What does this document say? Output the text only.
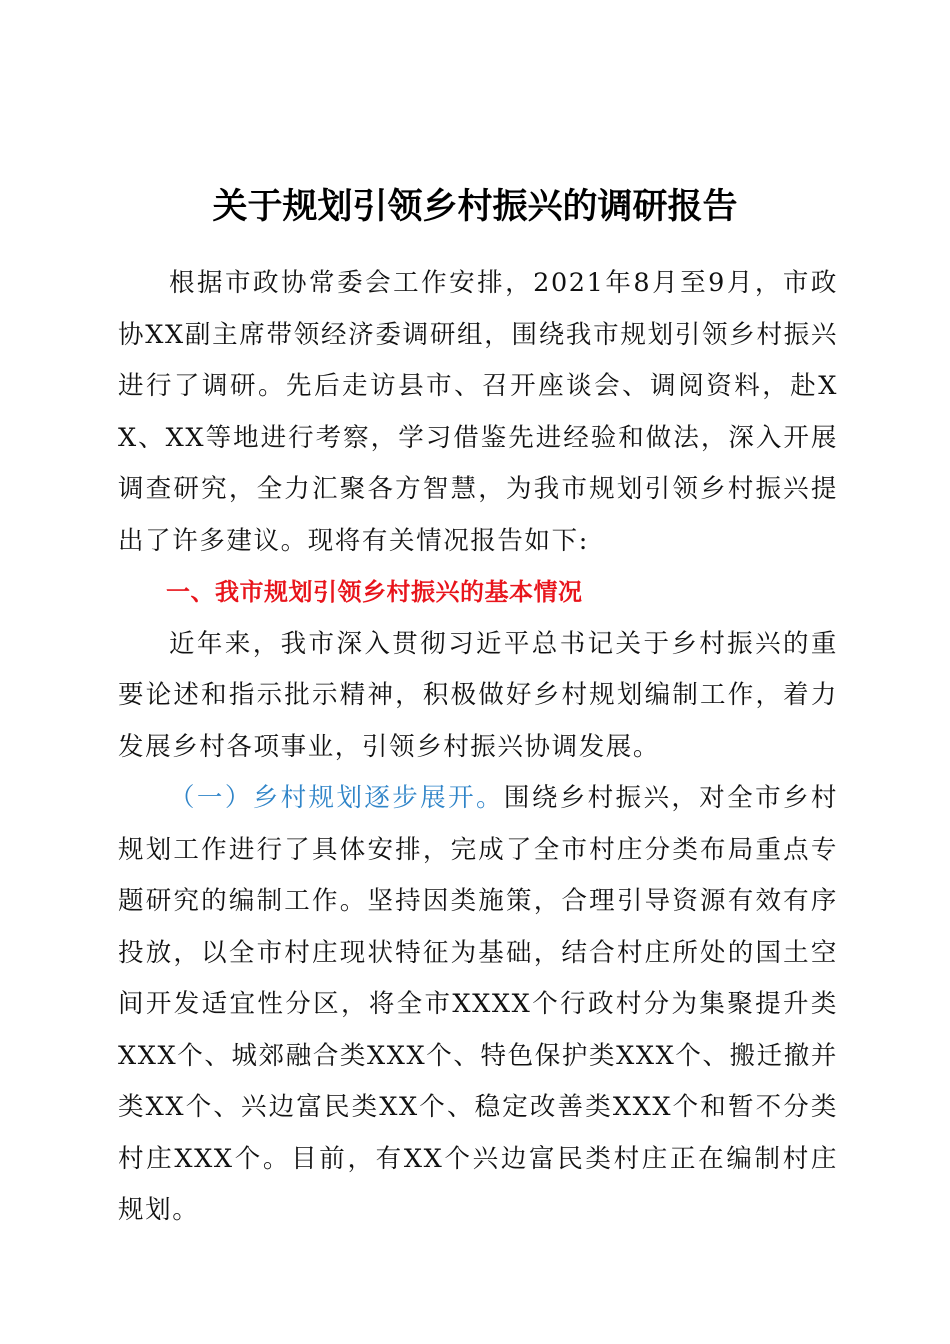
关于规划引领乡村振兴的调研报告

根据市政协常委会工作安排，2021年8月至9月，市政协XX副主席带领经济委调研组，围绕我市规划引领乡村振兴进行了调研。先后走访县市、召开座谈会、调阅资料，赴XX、XX等地进行考察，学习借鉴先进经验和做法，深入开展调查研究，全力汇聚各方智慧，为我市规划引领乡村振兴提出了许多建议。现将有关情况报告如下:

一、我市规划引领乡村振兴的基本情况

近年来，我市深入贯彻习近平总书记关于乡村振兴的重要论述和指示批示精神，积极做好乡村规划编制工作，着力发展乡村各项事业，引领乡村振兴协调发展。

（一）乡村规划逐步展开。围绕乡村振兴，对全市乡村规划工作进行了具体安排，完成了全市村庄分类布局重点专题研究的编制工作。坚持因类施策，合理引导资源有效有序投放，以全市村庄现状特征为基础，结合村庄所处的国土空间开发适宜性分区，将全市XXXX个行政村分为集聚提升类XXX个、城郊融合类XXX个、特色保护类XXX个、搬迁撤并类XX个、兴边富民类XX个、稳定改善类XXX个和暂不分类村庄XXX个。目前，有XX个兴边富民类村庄正在编制村庄规划。
